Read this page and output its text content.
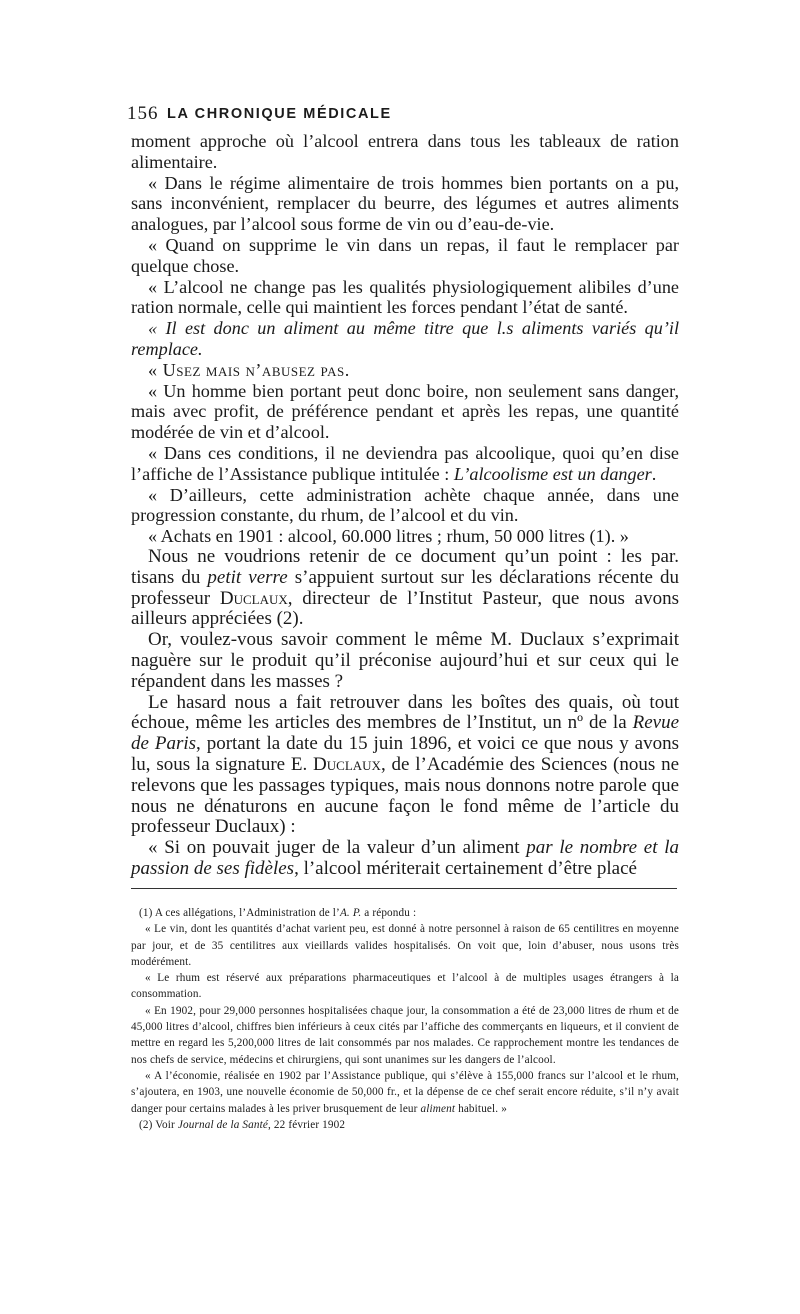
156 LA CHRONIQUE MÉDICALE

moment approche où l’alcool entrera dans tous les tableaux de ration alimentaire.

« Dans le régime alimentaire de trois hommes bien portants on a pu, sans inconvénient, remplacer du beurre, des légumes et autres aliments analogues, par l’alcool sous forme de vin ou d’eau-de-vie.

« Quand on supprime le vin dans un repas, il faut le remplacer par quelque chose.

« L’alcool ne change pas les qualités physiologiquement alibiles d’une ration normale, celle qui maintient les forces pendant l’état de santé.

« Il est donc un aliment au même titre que l.s aliments variés qu’il remplace.

« Usez mais n’abusez pas.

« Un homme bien portant peut donc boire, non seulement sans danger, mais avec profit, de préférence pendant et après les repas, une quantité modérée de vin et d’alcool.

« Dans ces conditions, il ne deviendra pas alcoolique, quoi qu’en dise l’affiche de l’Assistance publique intitulée : L’alcoolisme est un danger.

« D’ailleurs, cette administration achète chaque année, dans une progression constante, du rhum, de l’alcool et du vin.

« Achats en 1901 : alcool, 60.000 litres ; rhum, 50 000 litres (1). »

Nous ne voudrions retenir de ce document qu’un point : les par. tisans du petit verre s’appuient surtout sur les déclarations récente du professeur Duclaux, directeur de l’Institut Pasteur, que nous avons ailleurs appréciées (2).

Or, voulez-vous savoir comment le même M. Duclaux s’exprimait naguère sur le produit qu’il préconise aujourd’hui et sur ceux qui le répandent dans les masses ?

Le hasard nous a fait retrouver dans les boîtes des quais, où tout échoue, même les articles des membres de l’Institut, un nº de la Revue de Paris, portant la date du 15 juin 1896, et voici ce que nous y avons lu, sous la signature E. Duclaux, de l’Académie des Sciences (nous ne relevons que les passages typiques, mais nous donnons notre parole que nous ne dénaturons en aucune façon le fond même de l’article du professeur Duclaux) :

« Si on pouvait juger de la valeur d’un aliment par le nombre et la passion de ses fidèles, l’alcool mériterait certainement d’être placé

(1) A ces allégations, l’Administration de l’A. P. a répondu :

« Le vin, dont les quantités d’achat varient peu, est donné à notre personnel à raison de 65 centilitres en moyenne par jour, et de 35 centilitres aux vieillards valides hospitalisés. On voit que, loin d’abuser, nous usons très modérément.

« Le rhum est réservé aux préparations pharmaceutiques et l’alcool à de multiples usages étrangers à la consommation.

« En 1902, pour 29,000 personnes hospitalisées chaque jour, la consommation a été de 23,000 litres de rhum et de 45,000 litres d’alcool, chiffres bien inférieurs à ceux cités par l’affiche des commerçants en liqueurs, et il convient de mettre en regard les 5,200,000 litres de lait consommés par nos malades. Ce rapprochement montre les tendances de nos chefs de service, médecins et chirurgiens, qui sont unanimes sur les dangers de l’alcool.

« A l’économie, réalisée en 1902 par l’Assistance publique, qui s’élève à 155,000 francs sur l’alcool et le rhum, s’ajoutera, en 1903, une nouvelle économie de 50,000 fr., et la dépense de ce chef serait encore réduite, s’il n’y avait danger pour certains malades à les priver brusquement de leur aliment habituel. »

(2) Voir Journal de la Santé, 22 février 1902
